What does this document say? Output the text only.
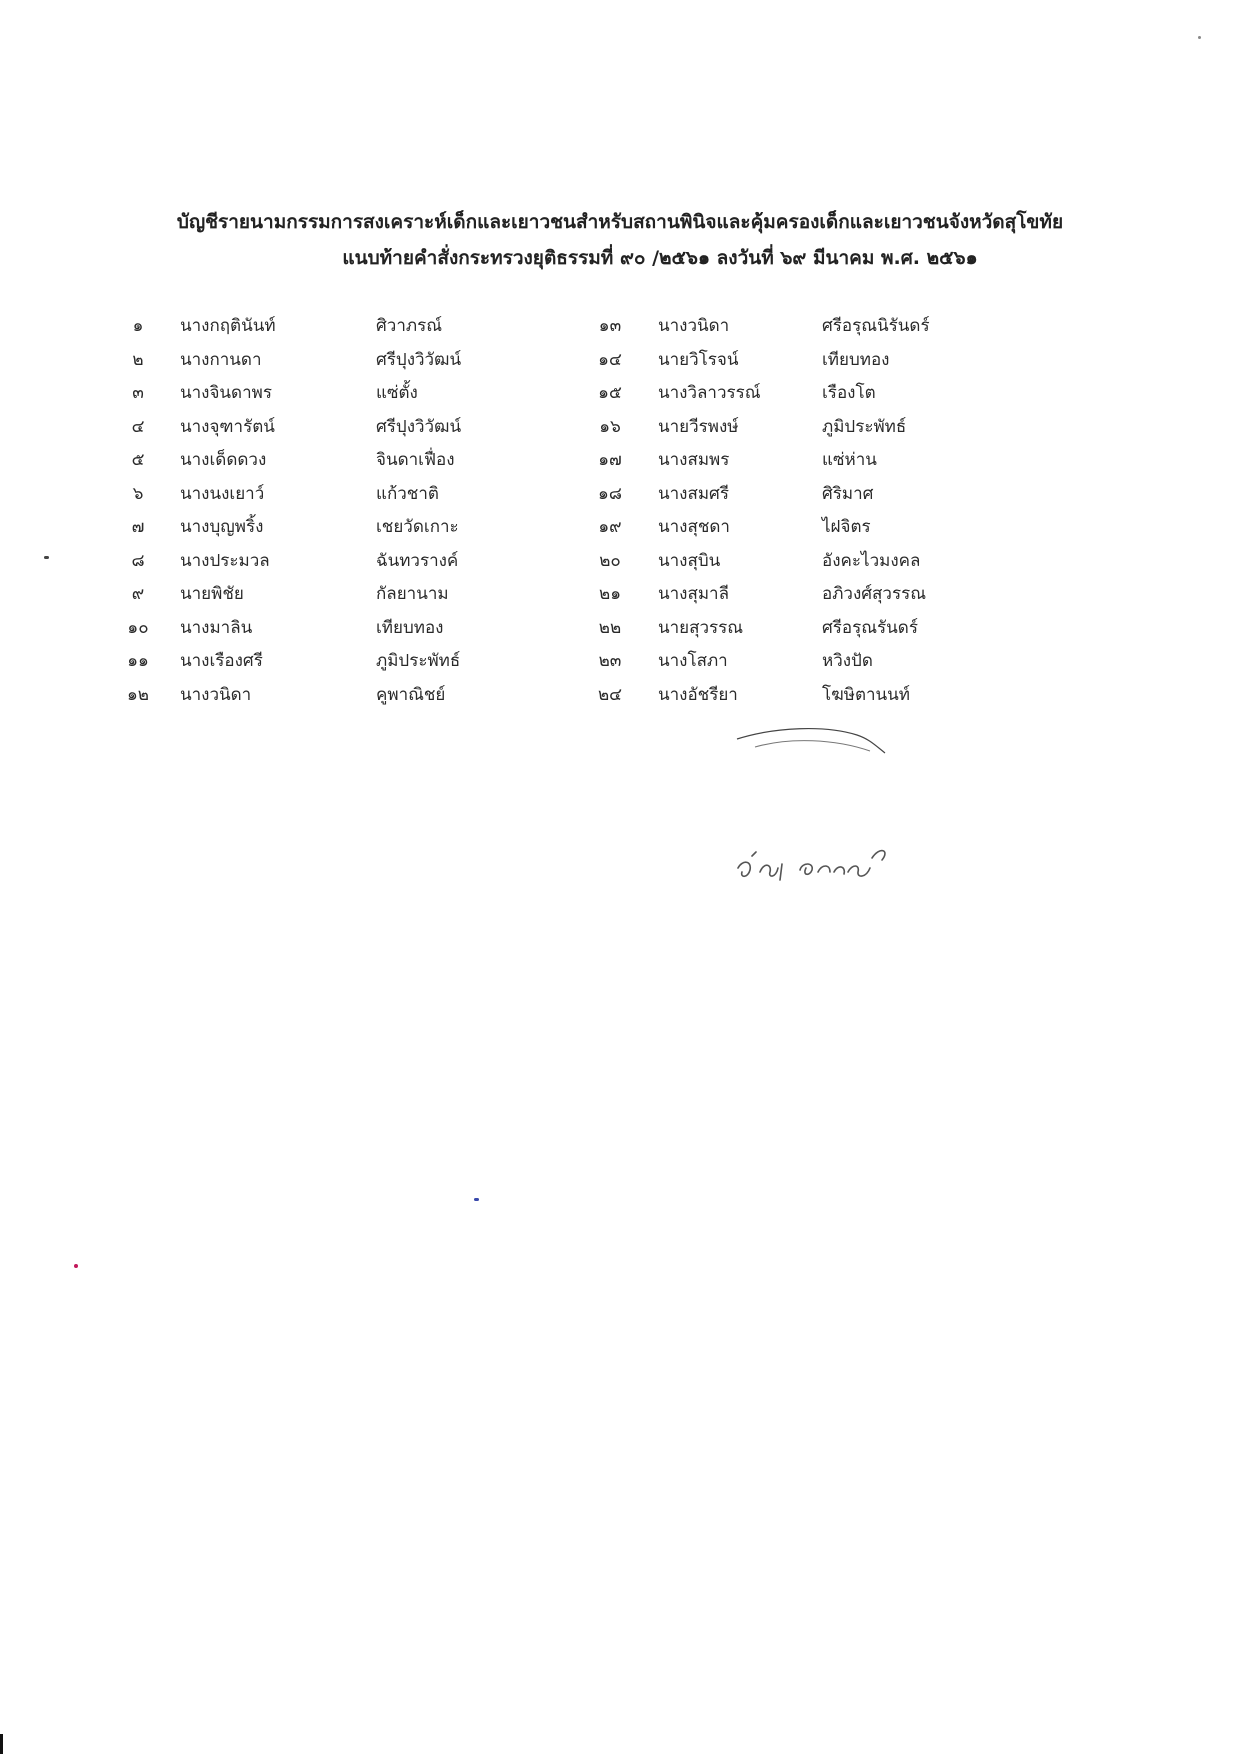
บัญชีรายนามกรรมการสงเคราะห์เด็กและเยาวชนสำหรับสถานพินิจและคุ้มครองเด็กและเยาวชนจังหวัดสุโขทัย
แนบท้ายคำสั่งกระทรวงยุติธรรมที่ ๙๐ /๒๕๖๑ ลงวันที่ ๖๙ มีนาคม พ.ศ. ๒๕๖๑
๑	นางกฤตินันท์	ศิวาภรณ์
๒	นางกานดา	ศรีปุงวิวัฒน์
๓	นางจินดาพร	แซ่ตั้ง
๔	นางจุฑารัตน์	ศรีปุงวิวัฒน์
๕	นางเด็ดดวง	จินดาเฟื่อง
๖	นางนงเยาว์	แก้วชาติ
๗	นางบุญพริ้ง	เชยวัดเกาะ
๘	นางประมวล	ฉันทวรางค์
๙	นายพิชัย	กัลยานาม
๑๐	นางมาลิน	เทียบทอง
๑๑	นางเรืองศรี	ภูมิประพัทธ์
๑๒	นางวนิดา	คูพาณิชย์
๑๓	นางวนิดา	ศรีอรุณนิรันดร์
๑๔	นายวิโรจน์	เทียบทอง
๑๕	นางวิลาวรรณ์	เรืองโต
๑๖	นายวีรพงษ์	ภูมิประพัทธ์
๑๗	นางสมพร	แซ่ห่าน
๑๘	นางสมศรี	ศิริมาศ
๑๙	นางสุชดา	ไฝจิตร
๒๐	นางสุบิน	อังคะไวมงคล
๒๑	นางสุมาลี	อภิวงศ์สุวรรณ
๒๒	นายสุวรรณ	ศรีอรุณรันดร์
๒๓	นางโสภา	หวิงปัด
๒๔	นางอัชรียา	โฆษิตานนท์
